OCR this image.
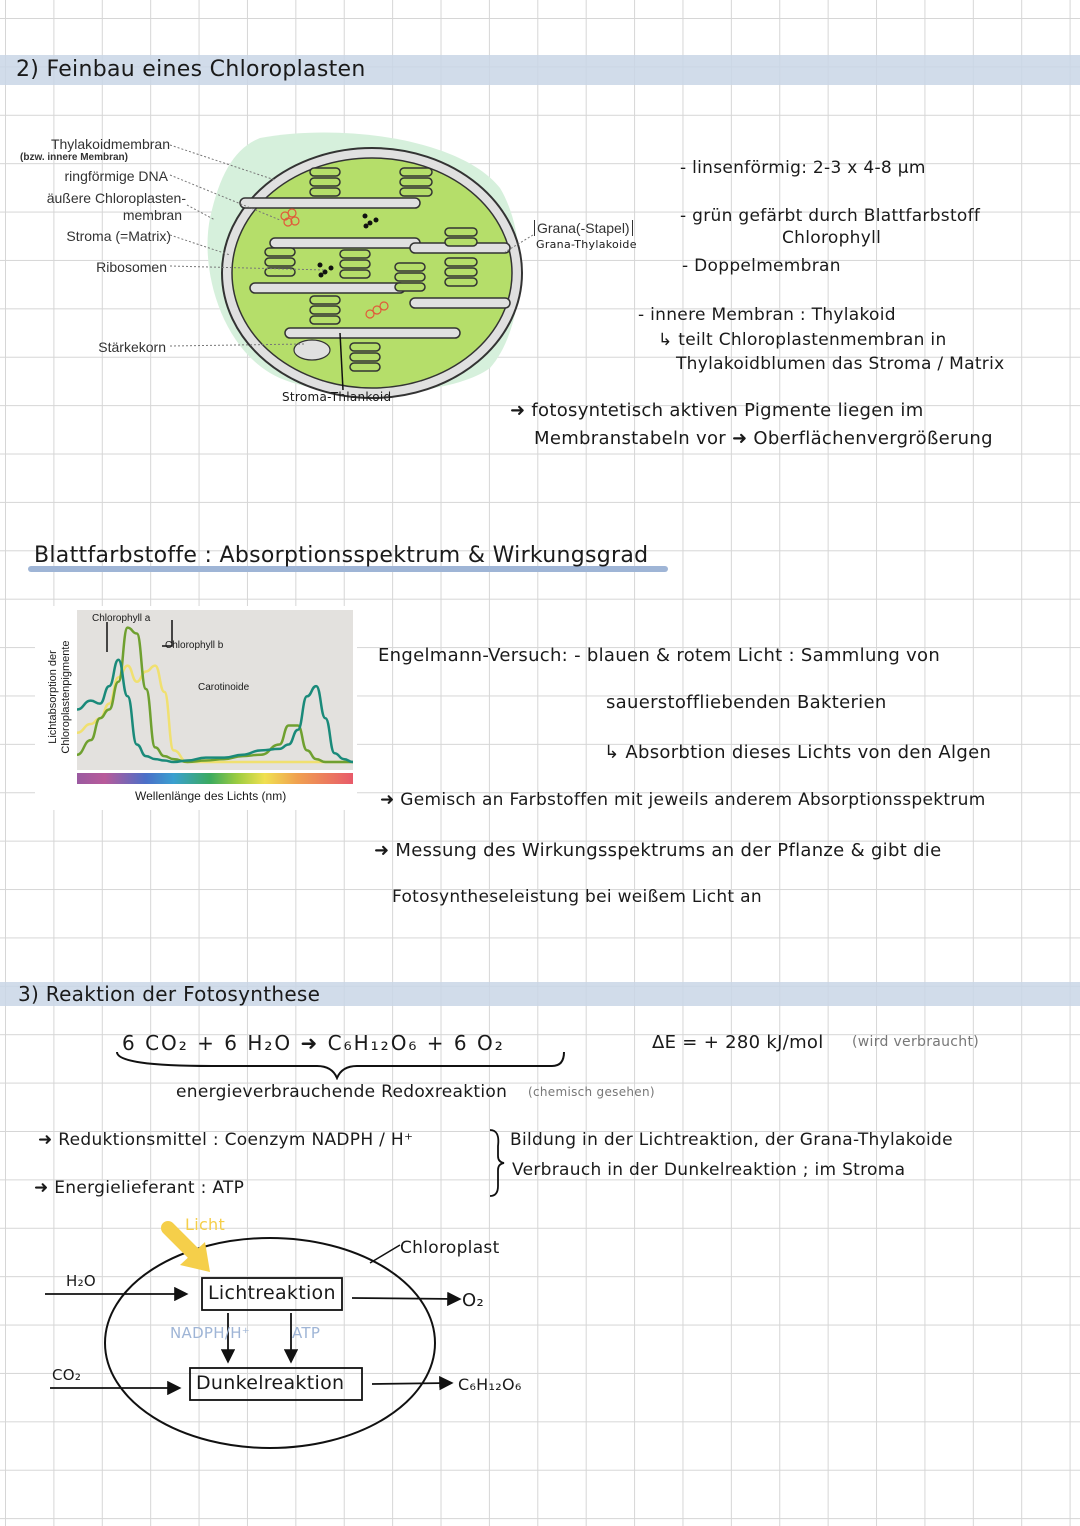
2) Feinbau eines Chloroplasten
Thylakoidmembran
(bzw. innere Membran)
ringförmige DNA
äußere Chloroplasten-
membran
Stroma (=Matrix)
Ribosomen
Stärkekorn
Stroma-Thlankoid
Grana(-Stapel)
Grana-Thylakoide
- linsenförmig: 2-3 x 4-8 µm
- grün gefärbt durch Blattfarbstoff
Chlorophyll
- Doppelmembran
- innere Membran : Thylakoid
↳ teilt Chloroplastenmembran in
Thylakoidblumen das Stroma / Matrix
➜ fotosyntetisch aktiven Pigmente liegen im
Membranstabeln vor ➜ Oberflächenvergrößerung
Blattfarbstoffe : Absorptionsspektrum & Wirkungsgrad
Wellenlänge des Lichts (nm)
Lichtabsorption der Chloroplastenpigmente
Chlorophyll a
Chlorophyll b
Carotinoide
Engelmann-Versuch: - blauen & rotem Licht : Sammlung von
sauerstoffliebenden Bakterien
↳ Absorbtion dieses Lichts von den Algen
➜ Gemisch an Farbstoffen mit jeweils anderem Absorptionsspektrum
➜ Messung des Wirkungsspektrums an der Pflanze & gibt die
Fotosyntheseleistung bei weißem Licht an
3) Reaktion der Fotosynthese
6 CO₂ + 6 H₂O ➜ C₆H₁₂O₆ + 6 O₂	ΔE = + 280 kJ/mol (wird verbraucht)
energieverbrauchende Redoxreaktion (chemisch gesehen)
➜ Reduktionsmittel : Coenzym NADPH / H⁺
➜ Energielieferant : ATP
Bildung in der Lichtreaktion, der Grana-Thylakoide
Verbrauch in der Dunkelreaktion ; im Stroma
Licht
Chloroplast
H₂O
CO₂
Lichtreaktion
Dunkelreaktion
NADPH/H⁺	ATP
O₂
C₆H₁₂O₆
